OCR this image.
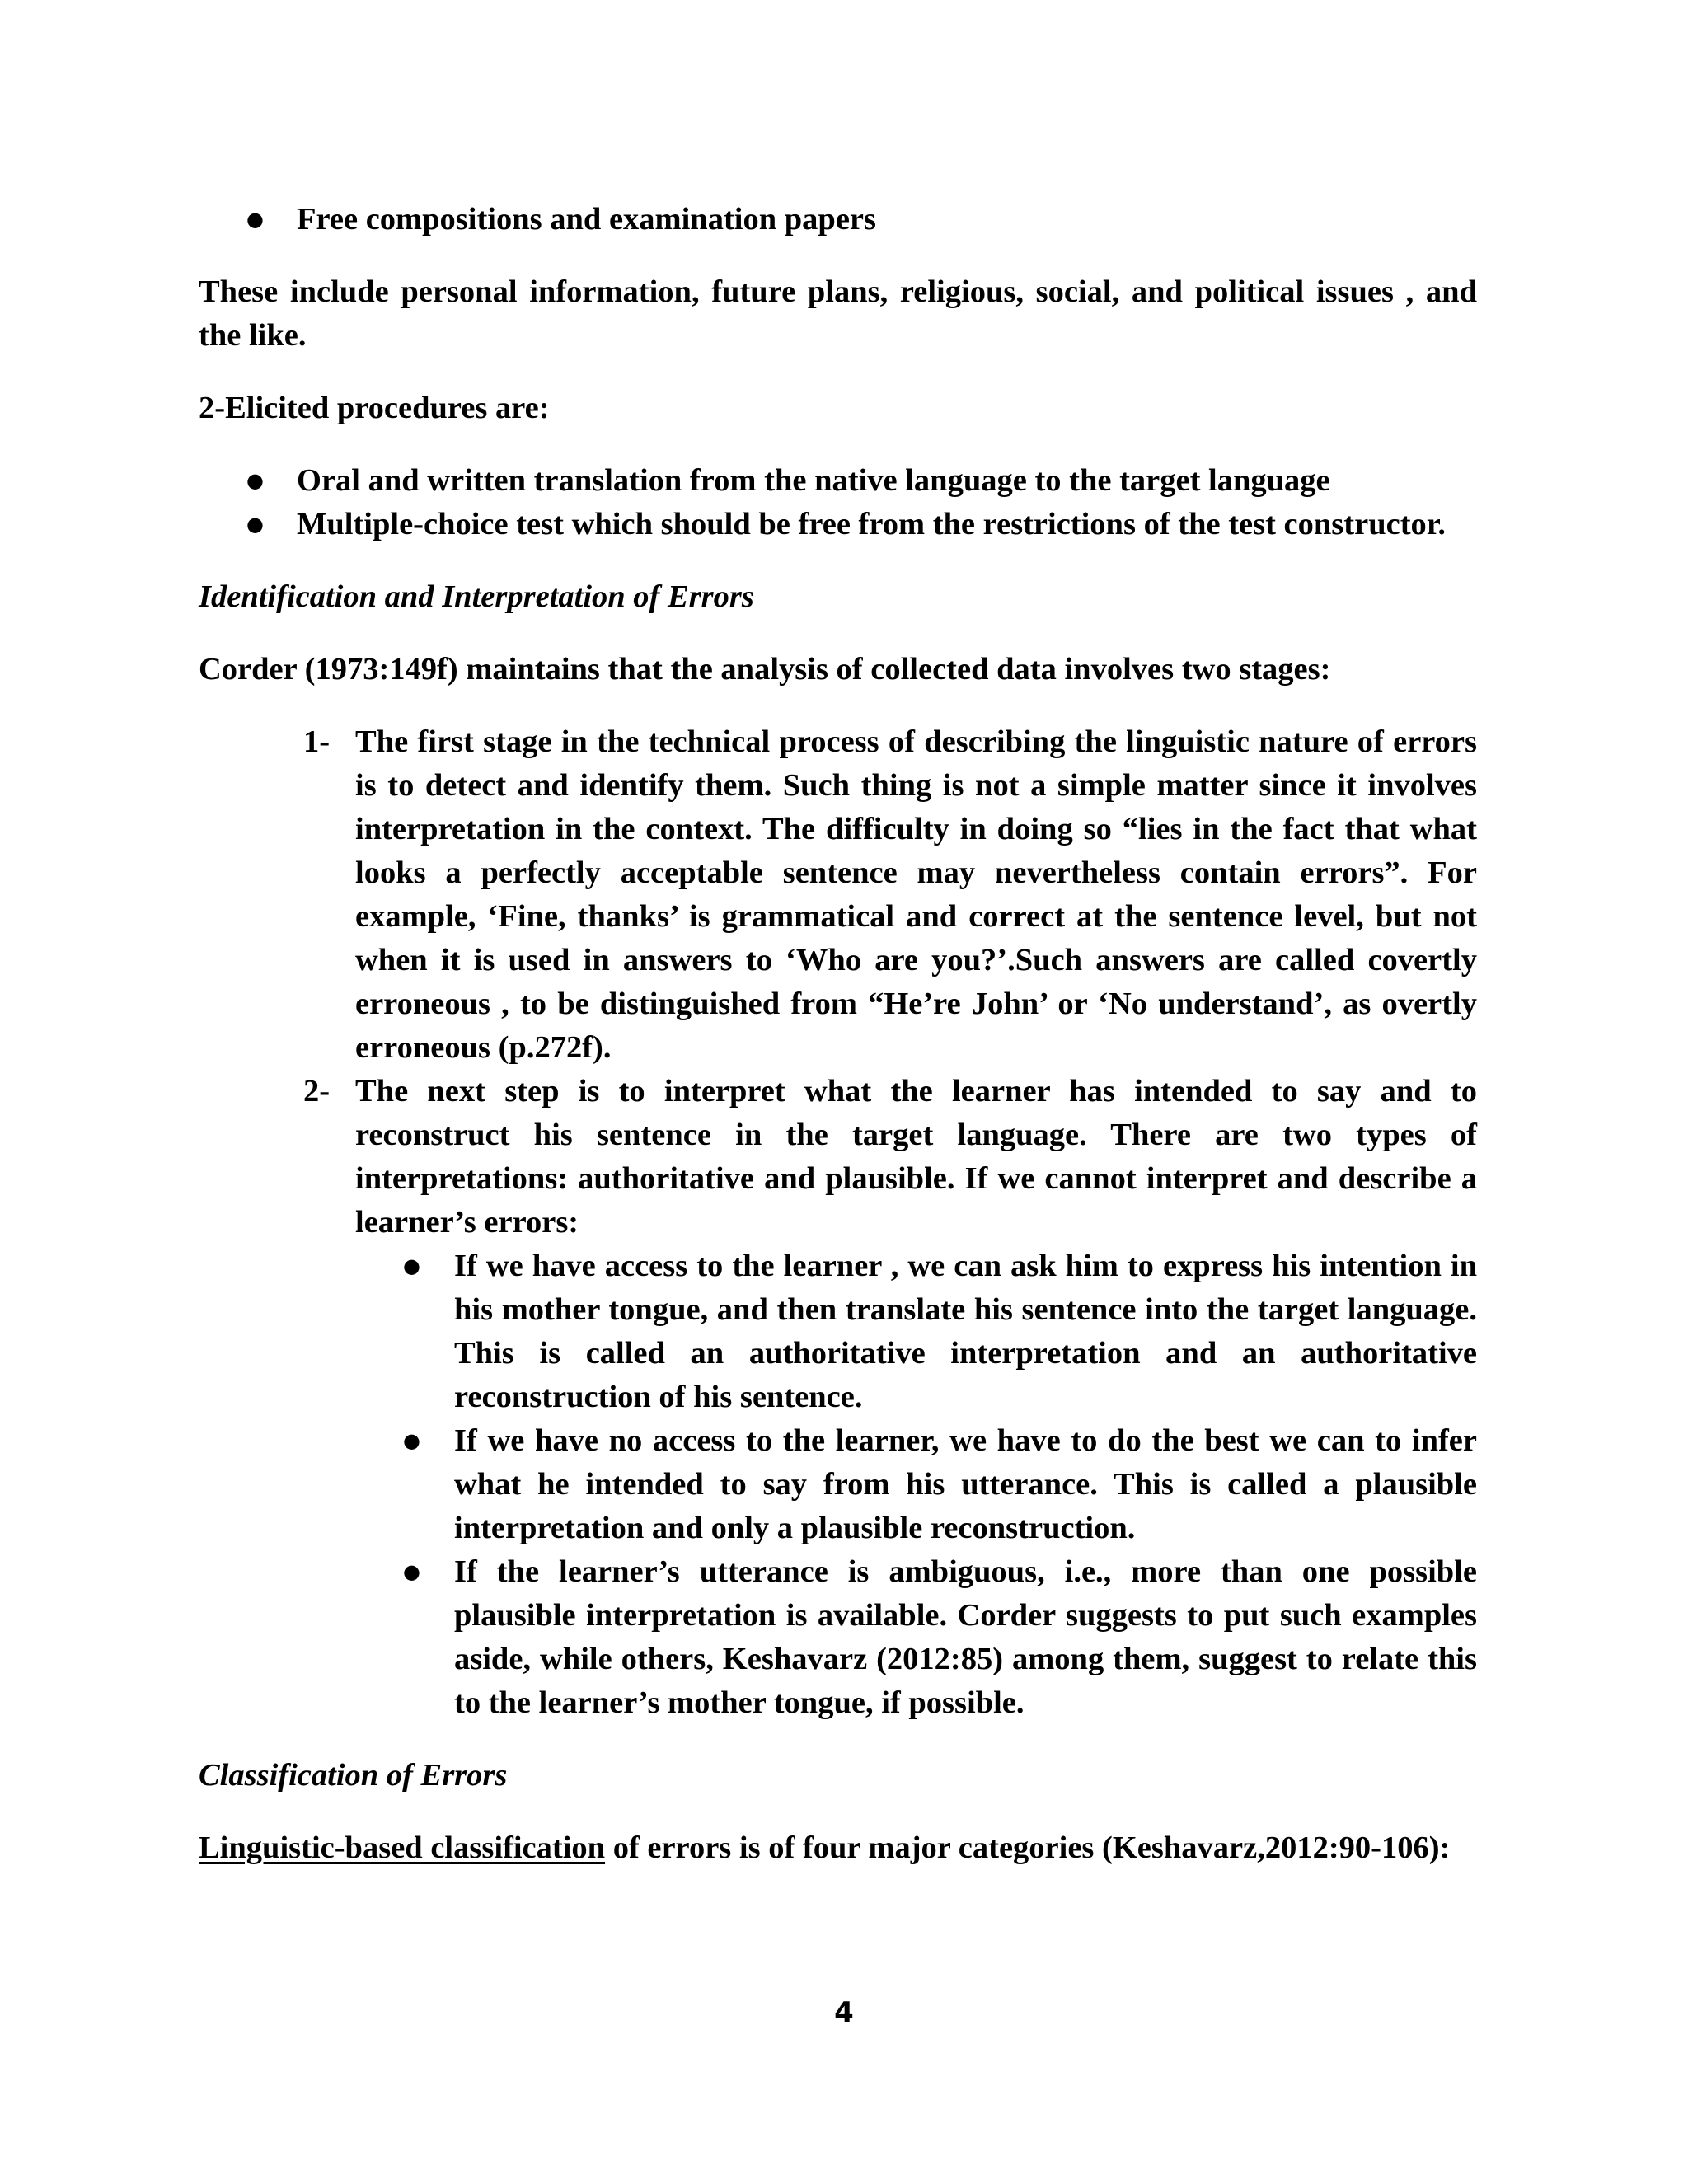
● Free compositions and examination papers

These include personal information, future plans, religious, social, and political issues , and the like.

2-Elicited procedures are:

● Oral and written translation from the native language to the target language
● Multiple-choice test which should be free from the restrictions of the test constructor.

Identification and Interpretation of Errors

Corder (1973:149f) maintains that the analysis of collected data involves two stages:

1- The first stage in the technical process of describing the linguistic nature of errors is to detect and identify them. Such thing is not a simple matter since it involves interpretation in the context. The difficulty in doing so “lies in the fact that what looks a perfectly acceptable sentence may nevertheless contain errors”. For example, ‘Fine, thanks’ is grammatical and correct at the sentence level, but not when it is used in answers to ‘Who are you?’.Such answers are called covertly erroneous , to be distinguished from “He’re John’ or ‘No understand’, as overtly erroneous (p.272f).
2- The next step is to interpret what the learner has intended to say and to reconstruct his sentence in the target language. There are two types of interpretations: authoritative and plausible. If we cannot interpret and describe a learner’s errors:
● If we have access to the learner , we can ask him to express his intention in his mother tongue, and then translate his sentence into the target language. This is called an authoritative interpretation and an authoritative reconstruction of his sentence.
● If we have no access to the learner, we have to do the best we can to infer what he intended to say from his utterance. This is called a plausible interpretation and only a plausible reconstruction.
● If the learner’s utterance is ambiguous, i.e., more than one possible plausible interpretation is available. Corder suggests to put such examples aside, while others, Keshavarz (2012:85) among them, suggest to relate this to the learner’s mother tongue, if possible.

Classification of Errors

Linguistic-based classification of errors is of four major categories (Keshavarz,2012:90-106):

4
